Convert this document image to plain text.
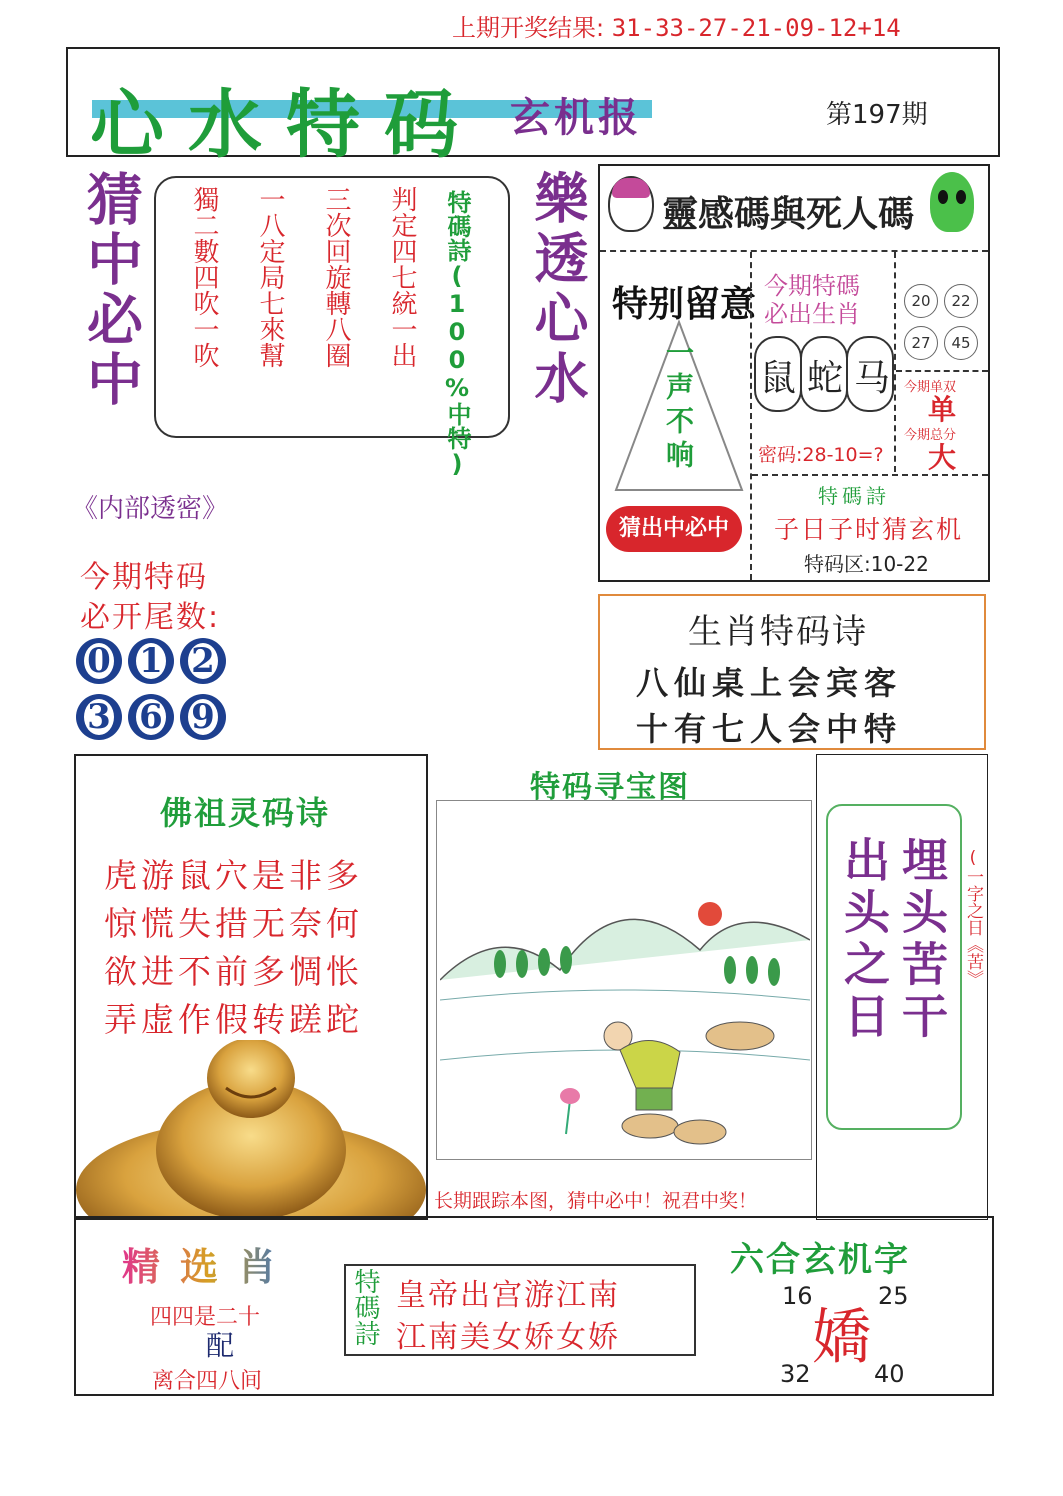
上期开奖结果: 31-33-27-21-09-12+14
心水特码 玄机报	第197期
猜中必中 獨二數四吹一吹 一八定局七來幫 三次回旋轉八圈 判定四七統一出 特碼詩(100%中特) 樂透心水 靈感碼與死人碼
特别留意
一声不响
猜出中必中
今期特碼
必出生肖
鼠蛇马
密码:28-10=?
20	22
27	45
今期单双
单
今期总分
大
特碼詩
子日子时猜玄机
特码区:10-22
《内部透密》
今期特码
必开尾数:
0 1 2
3 6 9
生肖特码诗
八仙桌上会宾客
十有七人会中特
佛祖灵码诗
虎游鼠穴是非多
惊慌失措无奈何
欲进不前多惆怅
弄虚作假转蹉跎
特码寻宝图
长期跟踪本图，猜中必中！祝君中奖！
埋头苦干
出头之日	(一字之日《苦》
精选肖
四四是二十
配
离合四八间
特碼詩 皇帝出宫游江南
江南美女娇女娇
六合玄机字
16	25
嬌
32	40
